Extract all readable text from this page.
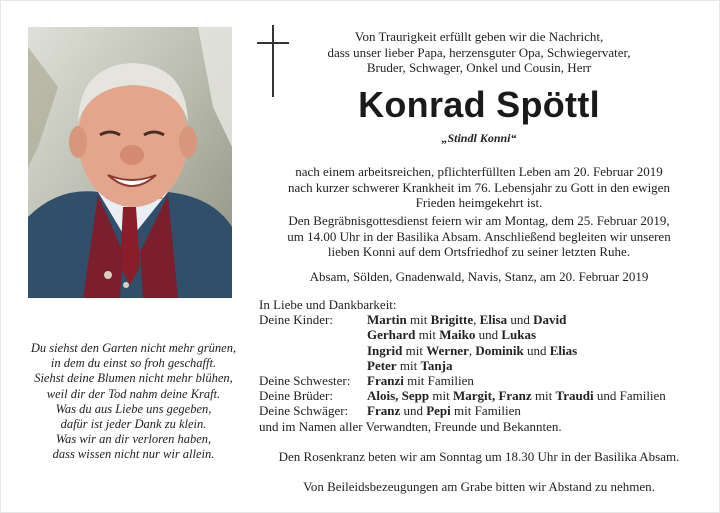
Du siehst den Garten nicht mehr grünen,
in dem du einst so froh geschafft.
Siehst deine Blumen nicht mehr blühen,
weil dir der Tod nahm deine Kraft.
Was du aus Liebe uns gegeben,
dafür ist jeder Dank zu klein.
Was wir an dir verloren haben,
dass wissen nicht nur wir allein.
Von Traurigkeit erfüllt geben wir die Nachricht,
dass unser lieber Papa, herzensguter Opa, Schwiegervater,
Bruder, Schwager, Onkel und Cousin, Herr
Konrad Spöttl
„Stindl Konni“
nach einem arbeitsreichen, pflichterfüllten Leben am 20. Februar 2019
nach kurzer schwerer Krankheit im 76. Lebensjahr zu Gott in den ewigen
Frieden heimgekehrt ist.
Den Begräbnisgottesdienst feiern wir am Montag, dem 25. Februar 2019,
um 14.00 Uhr in der Basilika Absam. Anschließend begleiten wir unseren
lieben Konni auf dem Ortsfriedhof zu seiner letzten Ruhe.
Absam, Sölden, Gnadenwald, Navis, Stanz, am 20. Februar 2019
In Liebe und Dankbarkeit:
Deine Kinder:	Martin mit Brigitte, Elisa und David
Gerhard mit Maiko und Lukas
Ingrid mit Werner, Dominik und Elias
Peter mit Tanja
Deine Schwester:	Franzi mit Familien
Deine Brüder:	Alois, Sepp mit Margit, Franz mit Traudi und Familien
Deine Schwäger:	Franz und Pepi mit Familien
und im Namen aller Verwandten, Freunde und Bekannten.
Den Rosenkranz beten wir am Sonntag um 18.30 Uhr in der Basilika Absam.
Von Beileidsbezeugungen am Grabe bitten wir Abstand zu nehmen.
